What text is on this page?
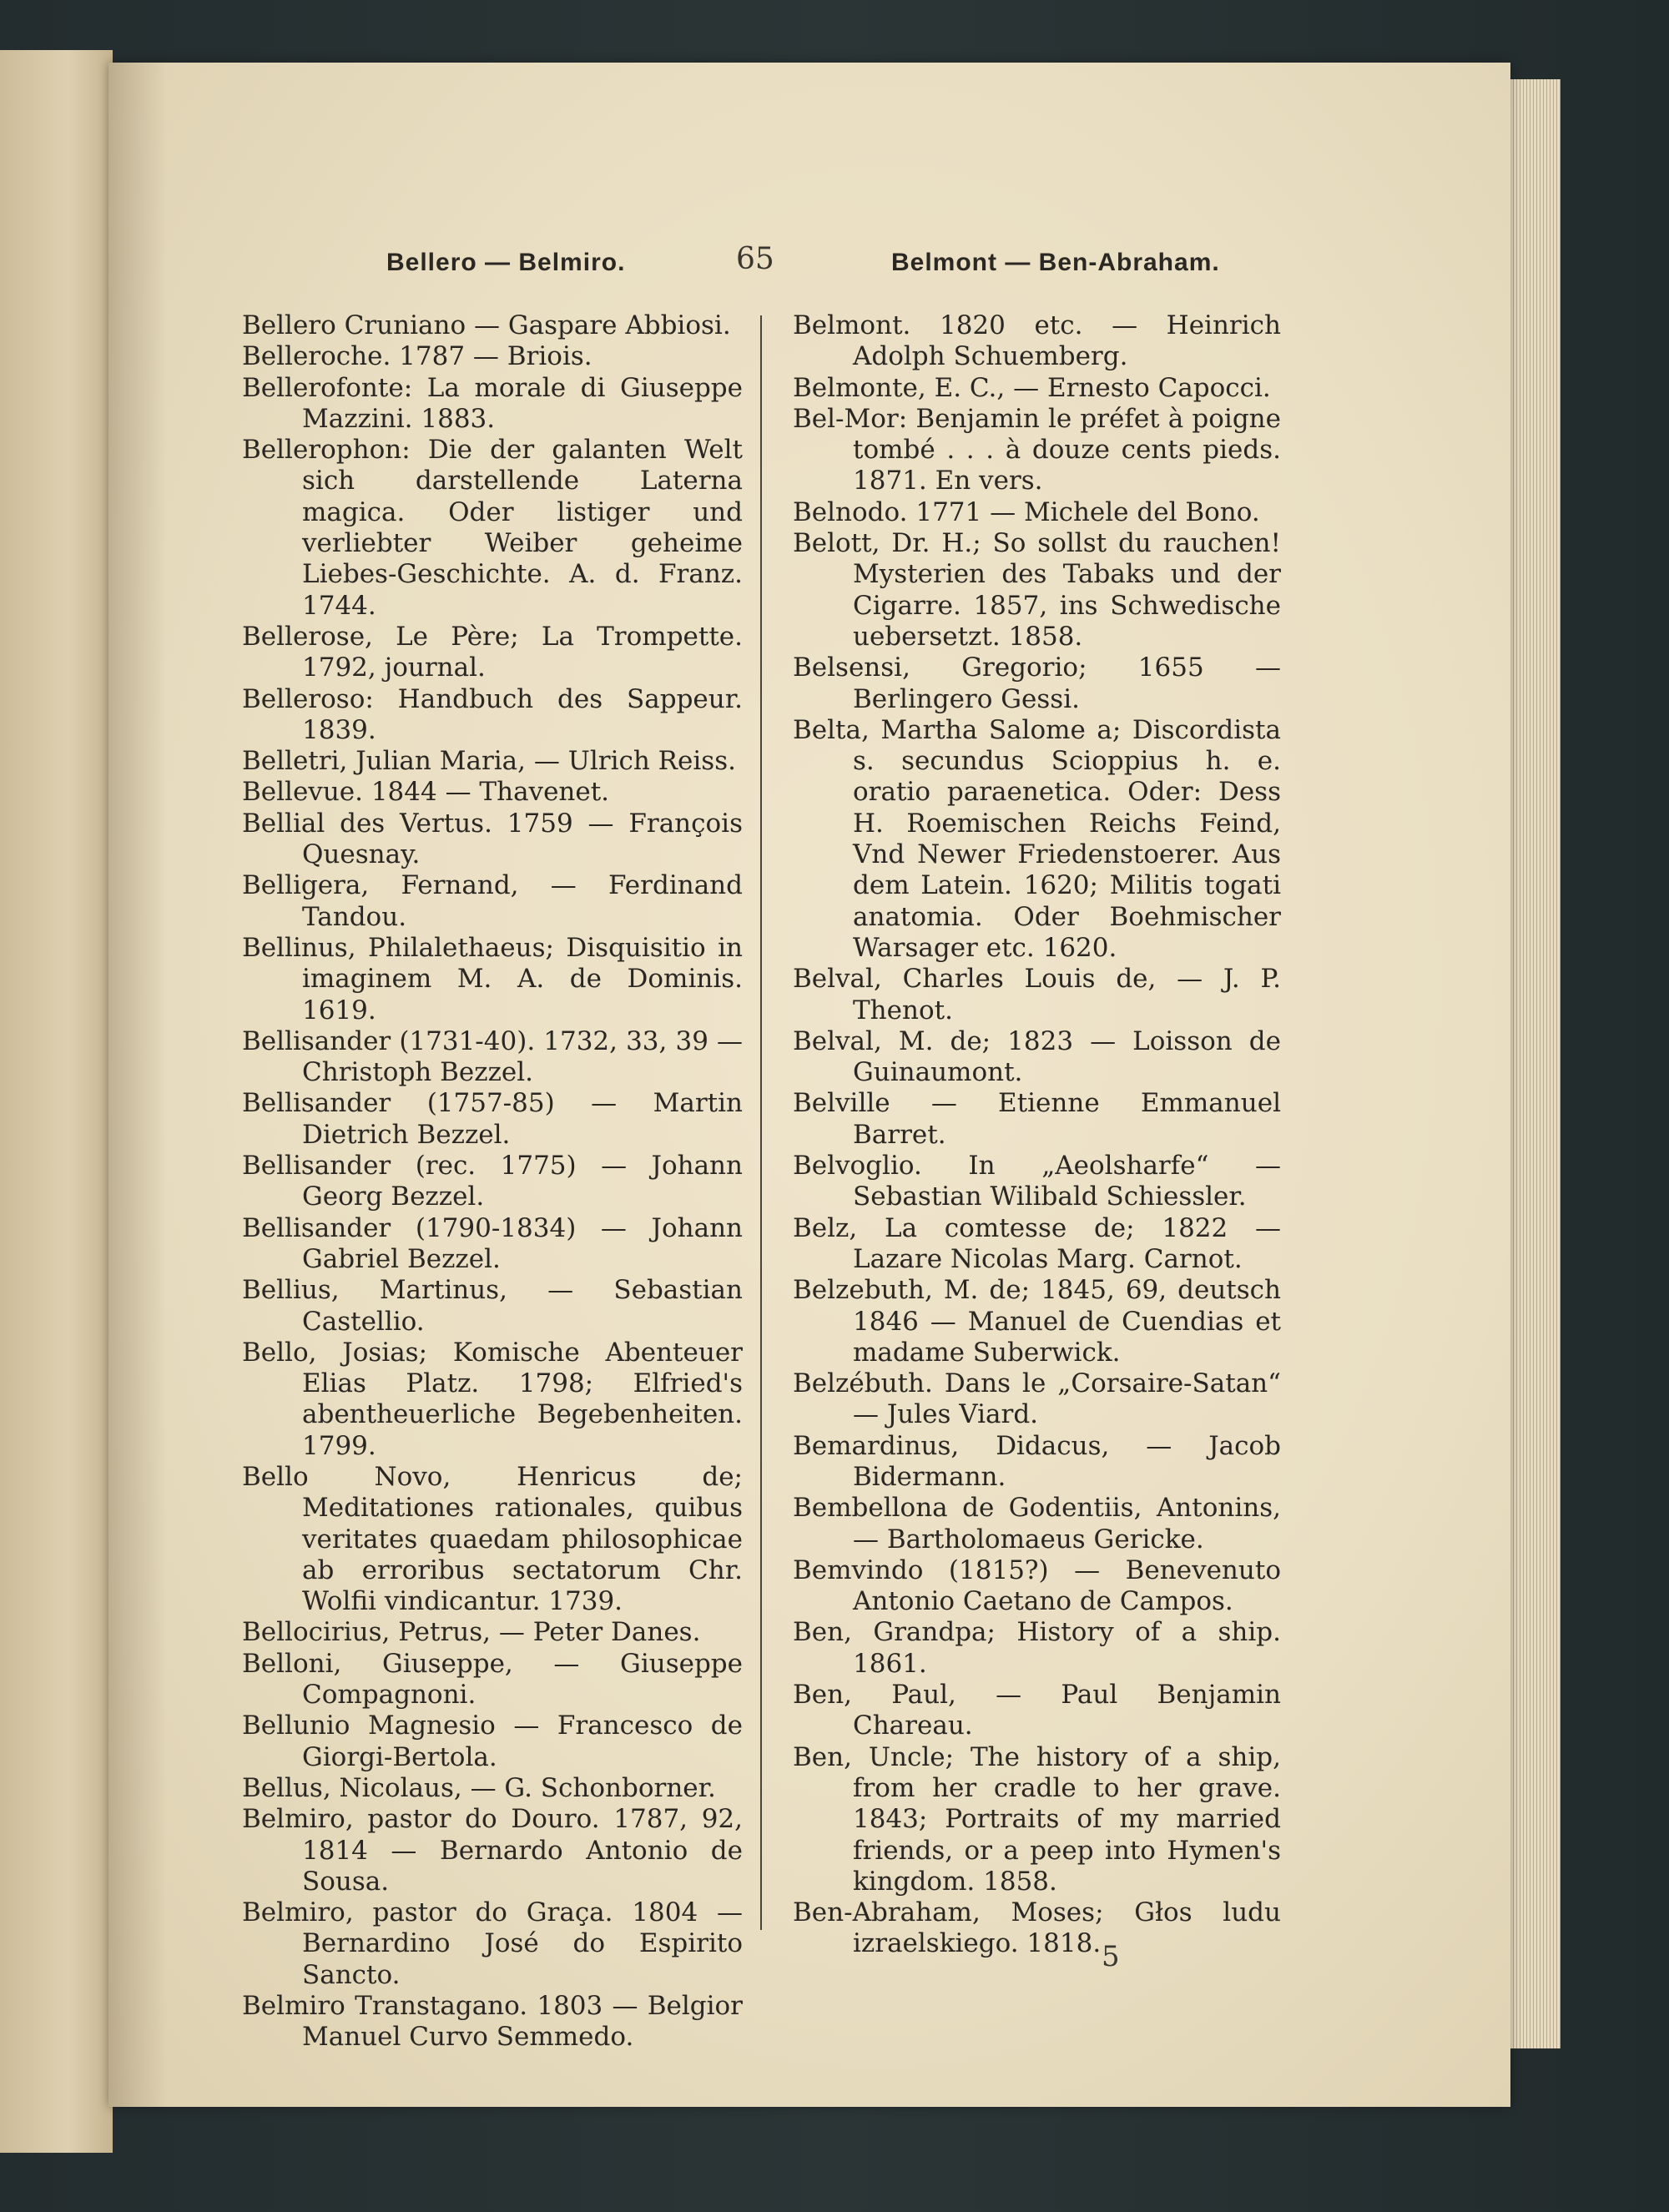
Bellero — Belmiro.	65	Belmont — Ben-Abraham.

Bellero Cruniano — Gaspare Abbiosi.

Belleroche. 1787 — Briois.

Bellerofonte: La morale di Giuseppe Mazzini. 1883.

Bellerophon: Die der galanten Welt sich darstellende Laterna magica. Oder listiger und verliebter Weiber geheime Liebes-Geschichte. A. d. Franz. 1744.

Bellerose, Le Père; La Trompette. 1792, journal.

Belleroso: Handbuch des Sappeur. 1839.

Belletri, Julian Maria, — Ulrich Reiss.

Bellevue. 1844 — Thavenet.

Bellial des Vertus. 1759 — François Quesnay.

Belligera, Fernand, — Ferdinand Tandou.

Bellinus, Philalethaeus; Disquisitio in imaginem M. A. de Dominis. 1619.

Bellisander (1731-40). 1732, 33, 39 — Christoph Bezzel.

Bellisander (1757-85) — Martin Dietrich Bezzel.

Bellisander (rec. 1775) — Johann Georg Bezzel.

Bellisander (1790-1834) — Johann Gabriel Bezzel.

Bellius, Martinus, — Sebastian Castellio.

Bello, Josias; Komische Abenteuer Elias Platz. 1798; Elfried's abentheuerliche Begebenheiten. 1799.

Bello Novo, Henricus de; Meditationes rationales, quibus veritates quaedam philosophicae ab erroribus sectatorum Chr. Wolfii vindicantur. 1739.

Bellocirius, Petrus, — Peter Danes.

Belloni, Giuseppe, — Giuseppe Compagnoni.

Bellunio Magnesio — Francesco de Giorgi-Bertola.

Bellus, Nicolaus, — G. Schonborner.

Belmiro, pastor do Douro. 1787, 92, 1814 — Bernardo Antonio de Sousa.

Belmiro, pastor do Graça. 1804 — Bernardino José do Espirito Sancto.

Belmiro Transtagano. 1803 — Belgior Manuel Curvo Semmedo.

Belmont. 1820 etc. — Heinrich Adolph Schuemberg.

Belmonte, E. C., — Ernesto Capocci.

Bel-Mor: Benjamin le préfet à poigne tombé . . . à douze cents pieds. 1871. En vers.

Belnodo. 1771 — Michele del Bono.

Belott, Dr. H.; So sollst du rauchen! Mysterien des Tabaks und der Cigarre. 1857, ins Schwedische uebersetzt. 1858.

Belsensi, Gregorio; 1655 — Berlingero Gessi.

Belta, Martha Salome a; Discordista s. secundus Scioppius h. e. oratio paraenetica. Oder: Dess H. Roemischen Reichs Feind, Vnd Newer Friedenstoerer. Aus dem Latein. 1620; Militis togati anatomia. Oder Boehmischer Warsager etc. 1620.

Belval, Charles Louis de, — J. P. Thenot.

Belval, M. de; 1823 — Loisson de Guinaumont.

Belville — Etienne Emmanuel Barret.

Belvoglio. In „Aeolsharfe“ — Sebastian Wilibald Schiessler.

Belz, La comtesse de; 1822 — Lazare Nicolas Marg. Carnot.

Belzebuth, M. de; 1845, 69, deutsch 1846 — Manuel de Cuendias et madame Suberwick.

Belzébuth. Dans le „Corsaire-Satan“ — Jules Viard.

Bemardinus, Didacus, — Jacob Bidermann.

Bembellona de Godentiis, Antonins, — Bartholomaeus Gericke.

Bemvindo (1815?) — Benevenuto Antonio Caetano de Campos.

Ben, Grandpa; History of a ship. 1861.

Ben, Paul, — Paul Benjamin Chareau.

Ben, Uncle; The history of a ship, from her cradle to her grave. 1843; Portraits of my married friends, or a peep into Hymen's kingdom. 1858.

Ben-Abraham, Moses; Głos ludu izraelskiego. 1818. 5
